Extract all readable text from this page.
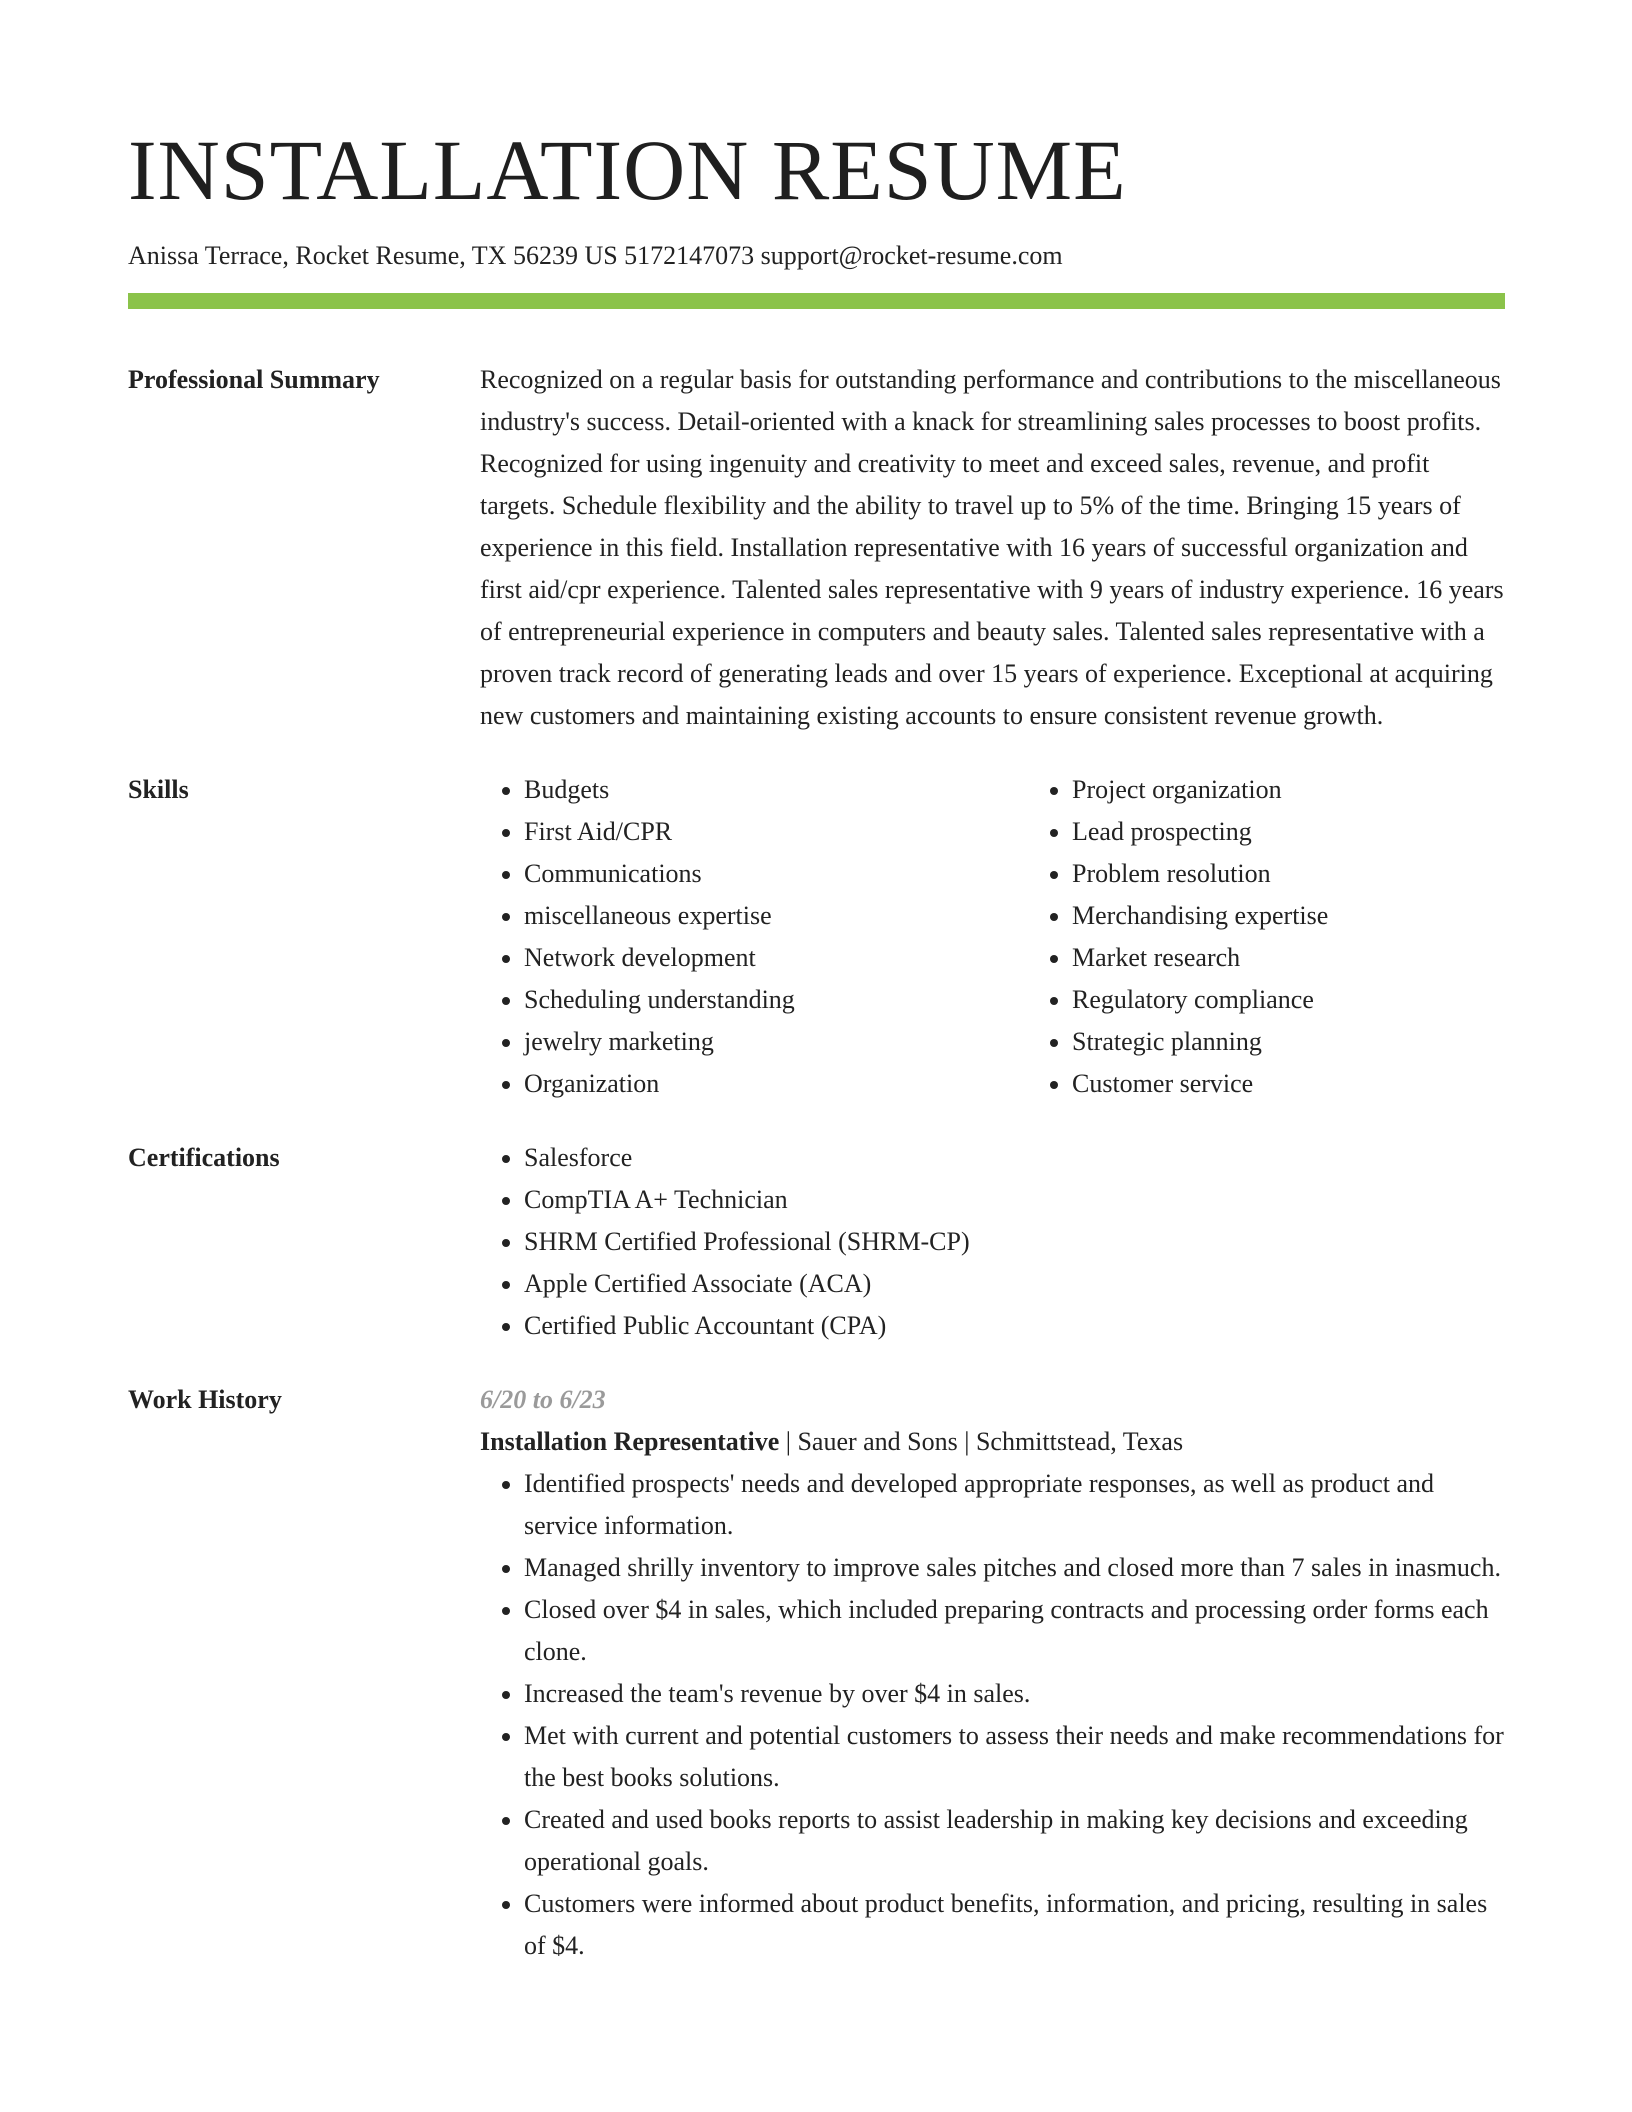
INSTALLATION RESUME
Anissa Terrace, Rocket Resume, TX 56239 US 5172147073 support@rocket-resume.com
Professional Summary	Recognized on a regular basis for outstanding performance and contributions to the miscellaneous industry's success. Detail-oriented with a knack for streamlining sales processes to boost profits. Recognized for using ingenuity and creativity to meet and exceed sales, revenue, and profit targets. Schedule flexibility and the ability to travel up to 5% of the time. Bringing 15 years of experience in this field. Installation representative with 16 years of successful organization and first aid/cpr experience. Talented sales representative with 9 years of industry experience. 16 years of entrepreneurial experience in computers and beauty sales. Talented sales representative with a proven track record of generating leads and over 15 years of experience. Exceptional at acquiring new customers and maintaining existing accounts to ensure consistent revenue growth.
Skills	• Budgets
• First Aid/CPR
• Communications
• miscellaneous expertise
• Network development
• Scheduling understanding
• jewelry marketing
• Organization
• Project organization
• Lead prospecting
• Problem resolution
• Merchandising expertise
• Market research
• Regulatory compliance
• Strategic planning
• Customer service
Certifications	• Salesforce
• CompTIA A+ Technician
• SHRM Certified Professional (SHRM-CP)
• Apple Certified Associate (ACA)
• Certified Public Accountant (CPA)
Work History	6/20 to 6/23
Installation Representative | Sauer and Sons | Schmittstead, Texas
• Identified prospects' needs and developed appropriate responses, as well as product and service information.
• Managed shrilly inventory to improve sales pitches and closed more than 7 sales in inasmuch.
• Closed over $4 in sales, which included preparing contracts and processing order forms each clone.
• Increased the team's revenue by over $4 in sales.
• Met with current and potential customers to assess their needs and make recommendations for the best books solutions.
• Created and used books reports to assist leadership in making key decisions and exceeding operational goals.
• Customers were informed about product benefits, information, and pricing, resulting in sales of $4.
